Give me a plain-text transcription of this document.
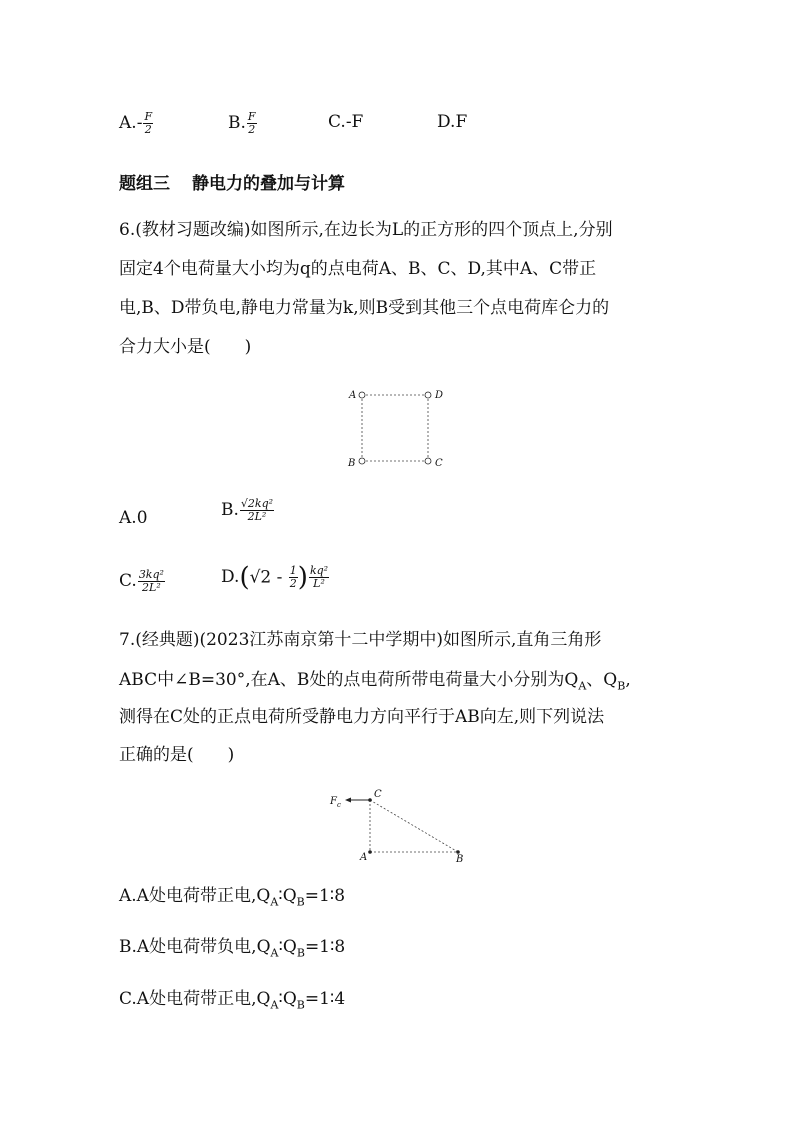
$A.- \frac{F}{2}$	B. $\frac{F}{2}$	C.-F	D.F
题组三 静电力的叠加与计算
6.(教材习题改编)如图所示,在边长为L的正方形的四个顶点上,分别
固定4个电荷量大小均为q的点电荷A、B、C、D,其中A、C带正
电,B、D带负电,静电力常量为k,则B受到其他三个点电荷库仑力的
合力大小是(　　)
A	D
B	C
A.0	B. $\frac{\text{√2kq²}}{\text{2L²}}$
C. $\frac{\text{3kq²}}{\text{2L²}}$	$D.(√2 - \frac{1}{2}$ ) $\frac{\text{kq²}}{\text{L²}}$
7.(经典题)(2023江苏南京第十二中学期中)如图所示,直角三角形
ABC中∠B=30°,在A、B处的点电荷所带电荷量大小分别为$Q_A$、$Q_B$,
测得在C处的正点电荷所受静电力方向平行于AB向左,则下列说法
正确的是(　　)
F c
C
A	B
A.A处电荷带正电$,Q_A∶Q_B=1∶8$
B.A处电荷带负电$,Q_A∶Q_B=1∶8$
C.A处电荷带正电$,Q_A∶Q_B=1∶4$
